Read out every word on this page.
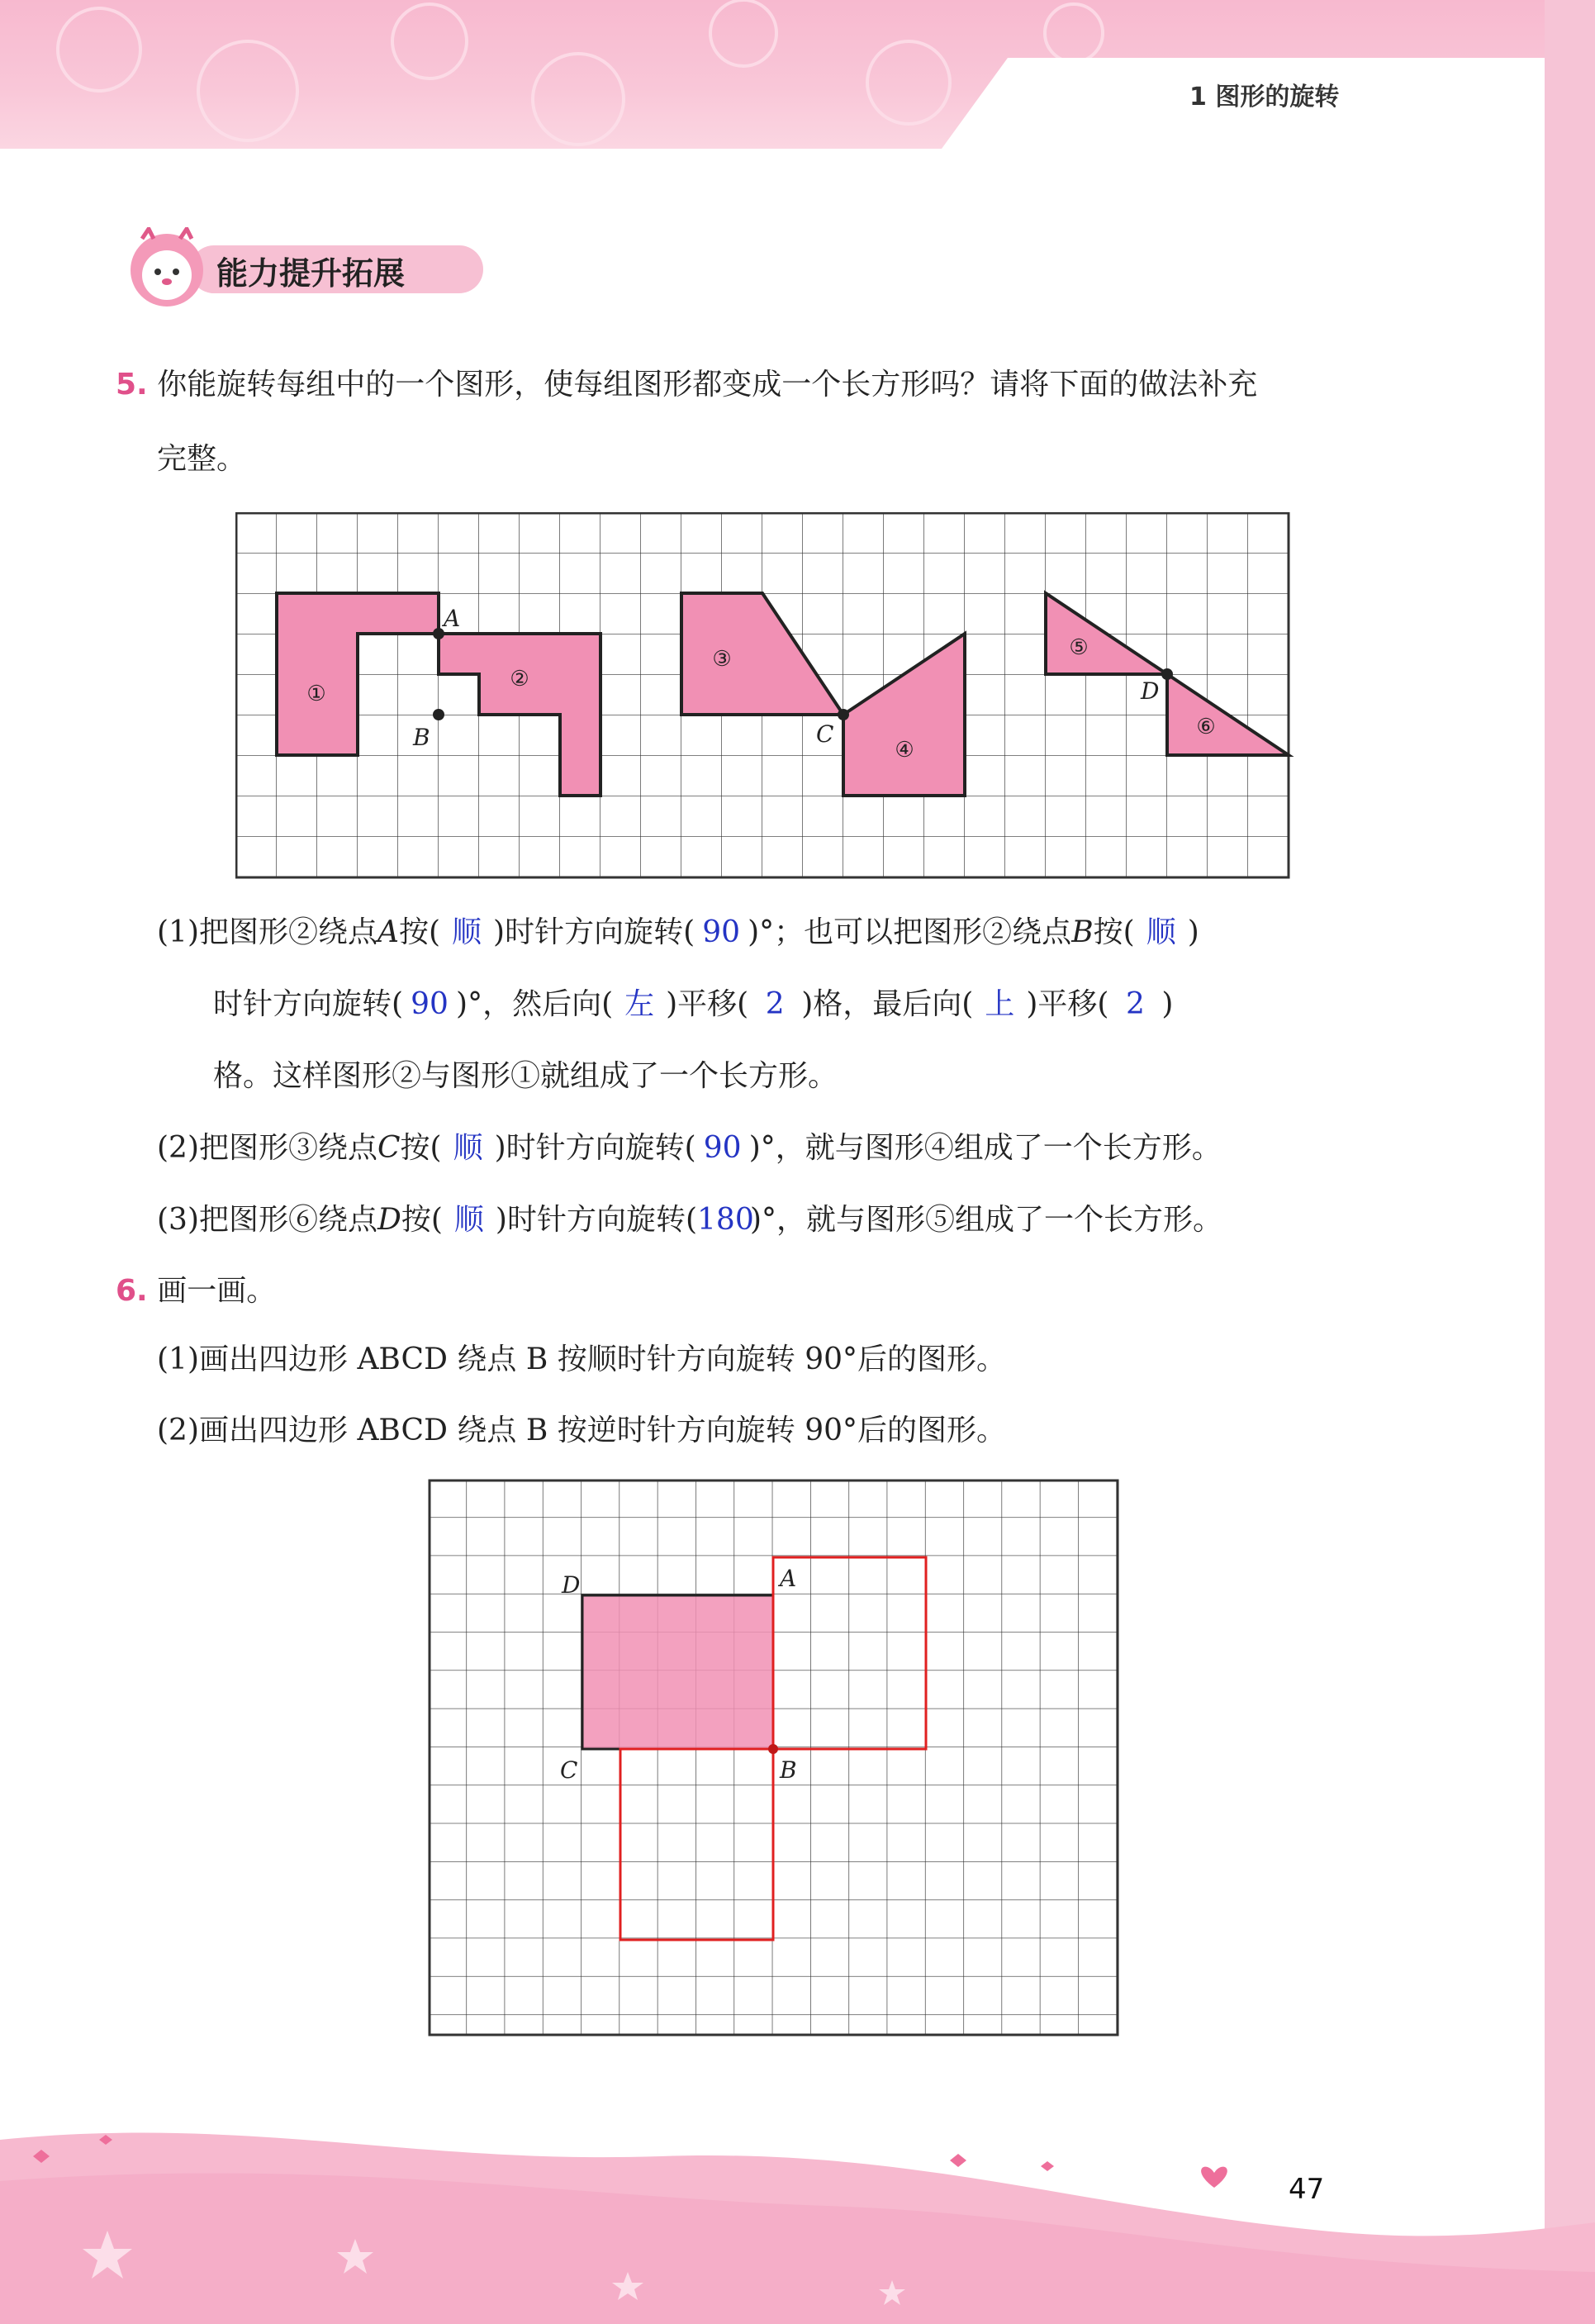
1 图形的旋转
能力提升拓展
5. 你能旋转每组中的一个图形，使每组图形都变成一个长方形吗？请将下面的做法补充
完整。
A
B	C
D
①
②
③
④
⑤
⑥
(1)把图形②绕点A按( 顺 )时针方向旋转( 90 )°；也可以把图形②绕点B按( 顺 )
时针方向旋转( 90 )°，然后向( 左 )平移( 2 )格，最后向( 上 )平移( 2 )
格。这样图形②与图形①就组成了一个长方形。
(2)把图形③绕点C按( 顺 )时针方向旋转( 90 )°，就与图形④组成了一个长方形。
(3)把图形⑥绕点D按( 顺 )时针方向旋转(180)°，就与图形⑤组成了一个长方形。
6. 画一画。
(1)画出四边形 ABCD 绕点 B 按顺时针方向旋转 90°后的图形。
(2)画出四边形 ABCD 绕点 B 按逆时针方向旋转 90°后的图形。
D	A
C	B
47
